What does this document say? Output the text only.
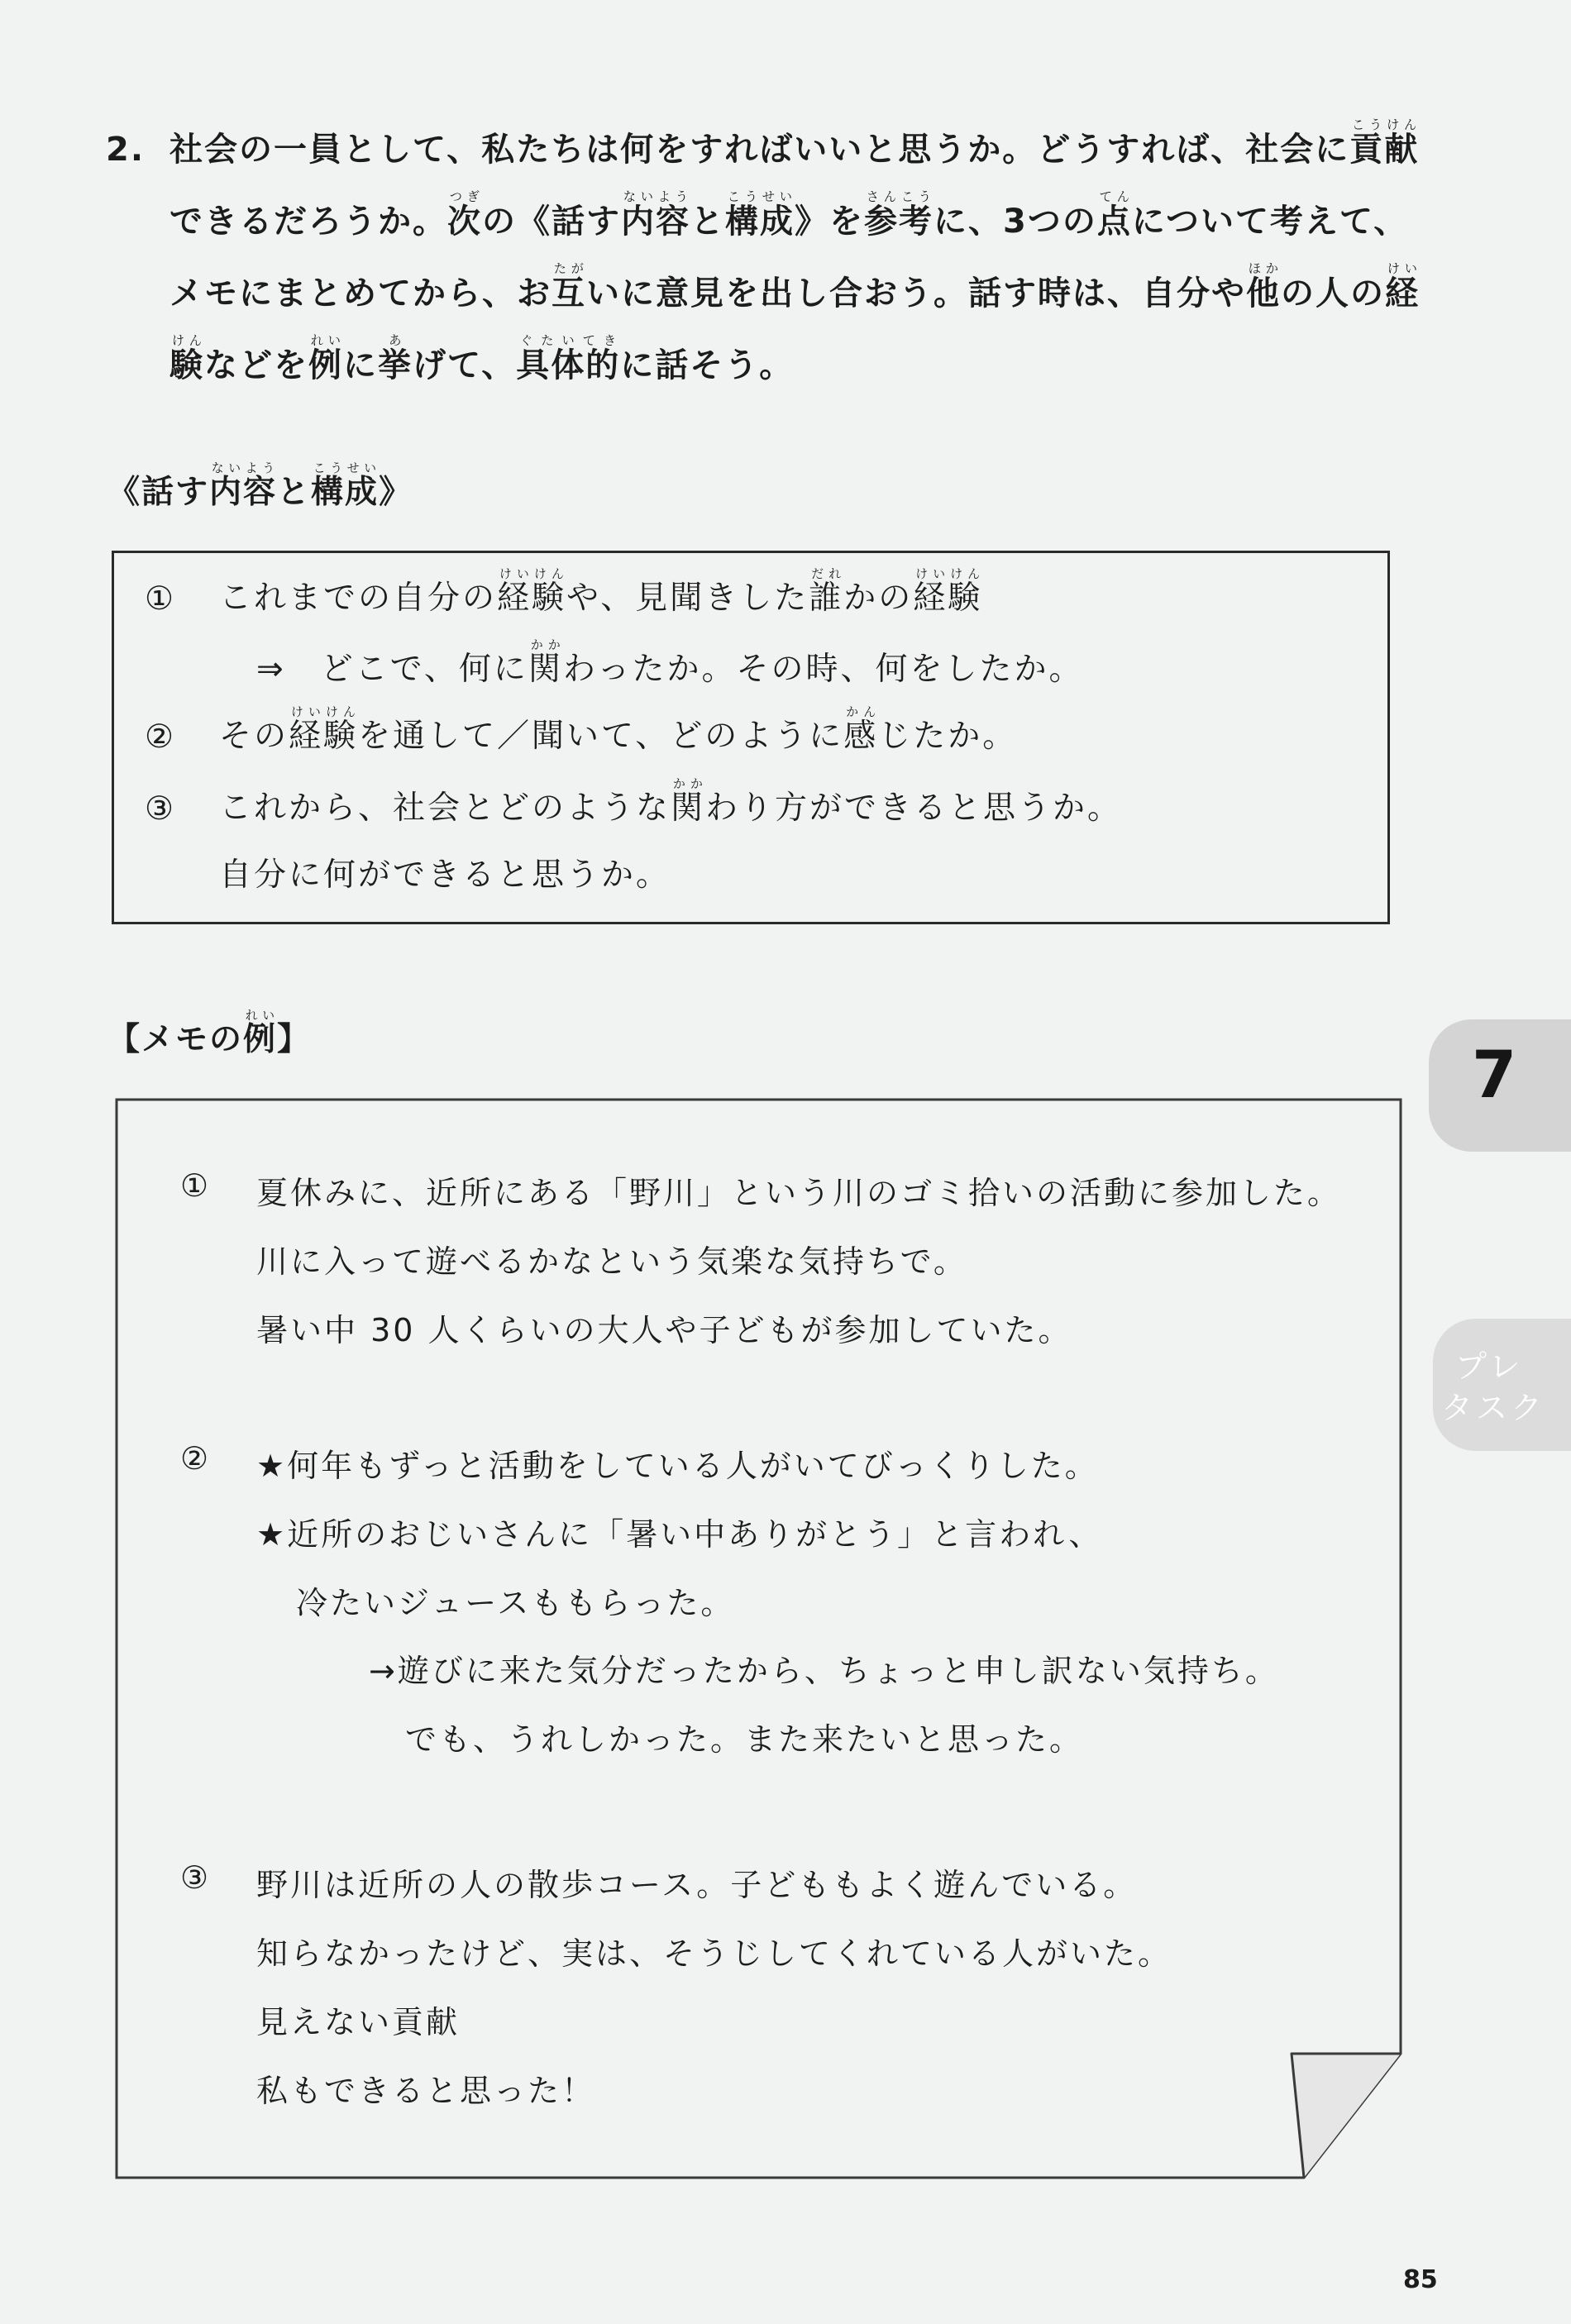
2. 社会の一員として、私たちは何をすればいいと思うか。どうすれば、社会に貢献こうけん
できるだろうか。次つぎの《話す内容ないようと構成こうせい》を参考さんこうに、3つの点てんについて考えて、
メモにまとめてから、お互たがいに意見を出し合おう。話す時は、自分や他ほかの人の経けい
験けんなどを例れいに挙あげて、具体的ぐたいてきに話そう。
《話す内容ないようと構成こうせい》
① これまでの自分の経験けいけんや、見聞きした誰だれかの経験けいけん
⇒　どこで、何に関かかわったか。その時、何をしたか。
② その経験けいけんを通して／聞いて、どのように感かんじたか。
③ これから、社会とどのような関かかわり方ができると思うか。
自分に何ができると思うか。
【メモの例れい】
① 夏休みに、近所にある「野川」という川のゴミ拾いの活動に参加した。
川に入って遊べるかなという気楽な気持ちで。
暑い中 30 人くらいの大人や子どもが参加していた。
② ★何年もずっと活動をしている人がいてびっくりした。
★近所のおじいさんに「暑い中ありがとう」と言われ、
冷たいジュースももらった。
→遊びに来た気分だったから、ちょっと申し訳ない気持ち。
でも、うれしかった。また来たいと思った。
③ 野川は近所の人の散歩コース。子どももよく遊んでいる。
知らなかったけど、実は、そうじしてくれている人がいた。
見えない貢献
私もできると思った！
7
プレ
タスク
85
